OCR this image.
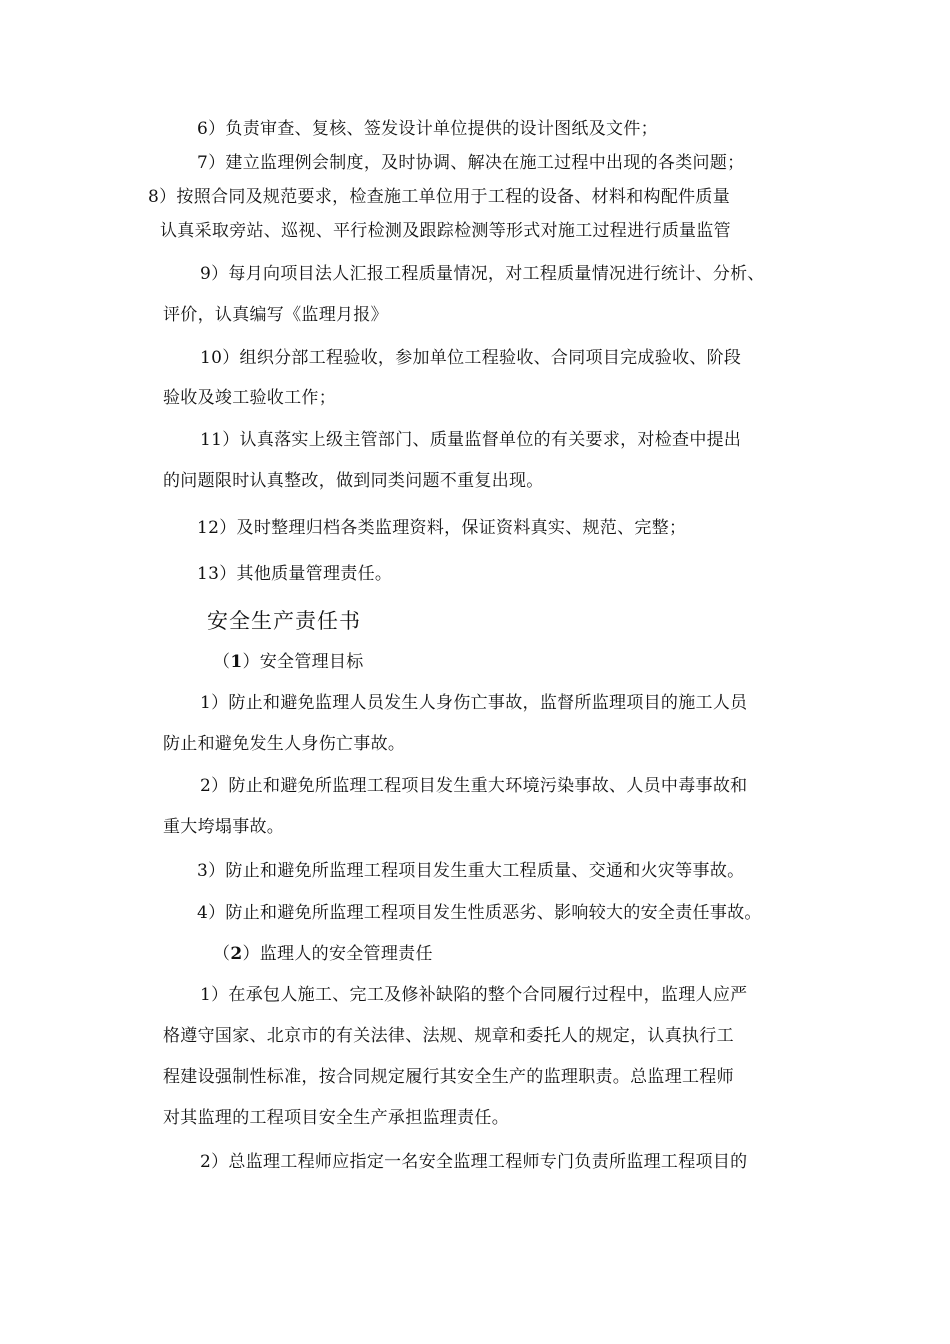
6）负责审查、复核、签发设计单位提供的设计图纸及文件；
7）建立监理例会制度，及时协调、解决在施工过程中出现的各类问题；
8）按照合同及规范要求，检查施工单位用于工程的设备、材料和构配件质量
认真采取旁站、巡视、平行检测及跟踪检测等形式对施工过程进行质量监管
9）每月向项目法人汇报工程质量情况，对工程质量情况进行统计、分析、
评价，认真编写《监理月报》
10）组织分部工程验收，参加单位工程验收、合同项目完成验收、阶段
验收及竣工验收工作；
11）认真落实上级主管部门、质量监督单位的有关要求，对检查中提出
的问题限时认真整改，做到同类问题不重复出现。
12）及时整理归档各类监理资料，保证资料真实、规范、完整；
13）其他质量管理责任。
安全生产责任书
（1）安全管理目标
1）防止和避免监理人员发生人身伤亡事故，监督所监理项目的施工人员
防止和避免发生人身伤亡事故。
2）防止和避免所监理工程项目发生重大环境污染事故、人员中毒事故和
重大垮塌事故。
3）防止和避免所监理工程项目发生重大工程质量、交通和火灾等事故。
4）防止和避免所监理工程项目发生性质恶劣、影响较大的安全责任事故。
（2）监理人的安全管理责任
1）在承包人施工、完工及修补缺陷的整个合同履行过程中，监理人应严
格遵守国家、北京市的有关法律、法规、规章和委托人的规定，认真执行工
程建设强制性标准，按合同规定履行其安全生产的监理职责。总监理工程师
对其监理的工程项目安全生产承担监理责任。
2）总监理工程师应指定一名安全监理工程师专门负责所监理工程项目的
